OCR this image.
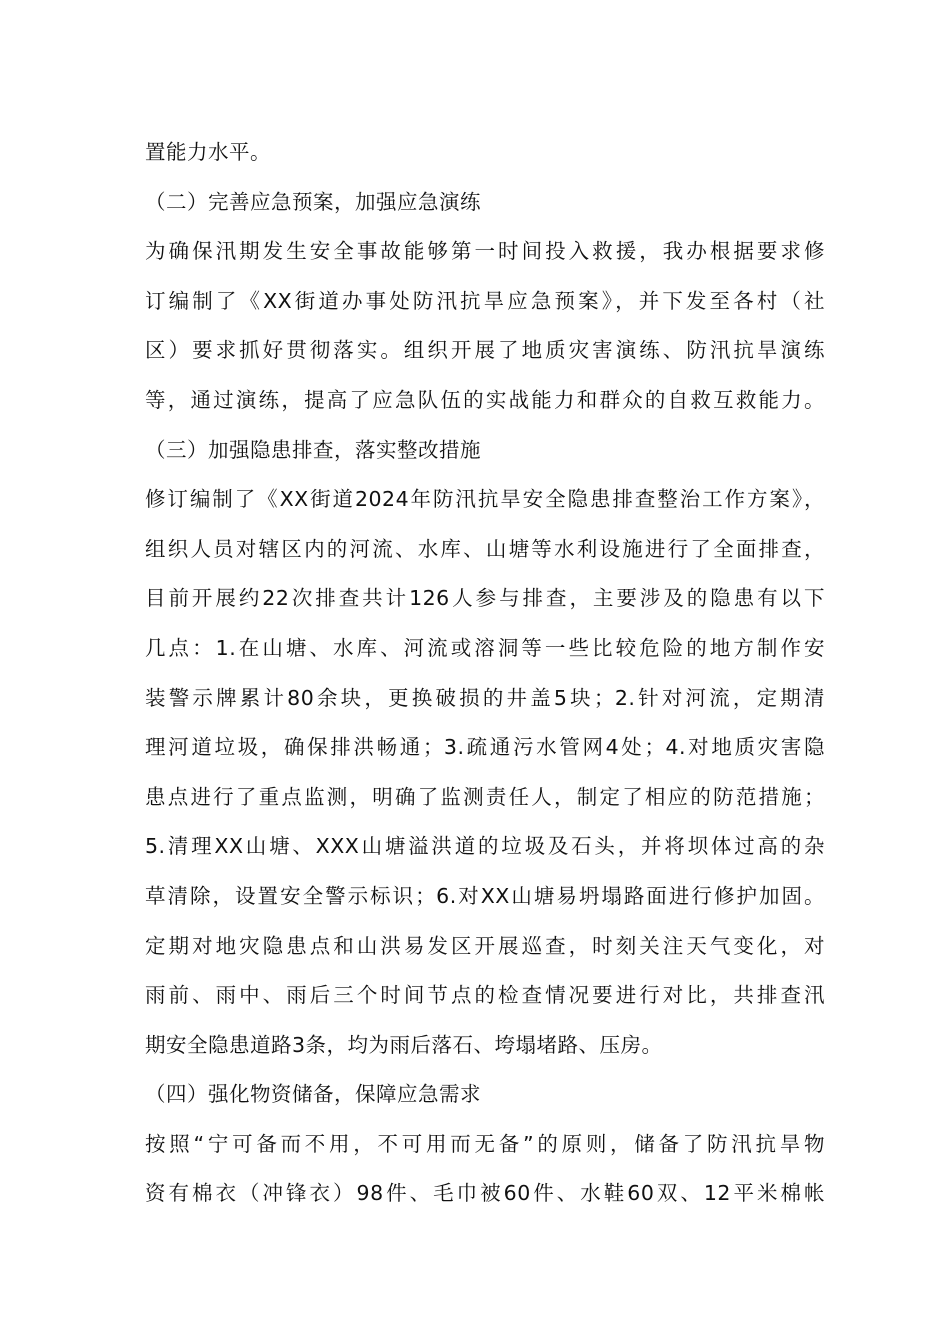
置能力水平。

（二）完善应急预案，加强应急演练

为确保汛期发生安全事故能够第一时间投入救援，我办根据要求修

订编制了《XX街道办事处防汛抗旱应急预案》，并下发至各村（社

区）要求抓好贯彻落实。组织开展了地质灾害演练、防汛抗旱演练

等，通过演练，提高了应急队伍的实战能力和群众的自救互救能力。

（三）加强隐患排查，落实整改措施

修订编制了《XX街道2024年防汛抗旱安全隐患排查整治工作方案》，

组织人员对辖区内的河流、水库、山塘等水利设施进行了全面排查，

目前开展约22次排查共计126人参与排查，主要涉及的隐患有以下

几点：1.在山塘、水库、河流或溶洞等一些比较危险的地方制作安

装警示牌累计80余块，更换破损的井盖5块；2.针对河流，定期清

理河道垃圾，确保排洪畅通；3.疏通污水管网4处；4.对地质灾害隐

患点进行了重点监测，明确了监测责任人，制定了相应的防范措施；

5.清理XX山塘、XXX山塘溢洪道的垃圾及石头，并将坝体过高的杂

草清除，设置安全警示标识；6.对XX山塘易坍塌路面进行修护加固。

定期对地灾隐患点和山洪易发区开展巡查，时刻关注天气变化，对

雨前、雨中、雨后三个时间节点的检查情况要进行对比，共排查汛

期安全隐患道路3条，均为雨后落石、垮塌堵路、压房。

（四）强化物资储备，保障应急需求

按照“宁可备而不用，不可用而无备”的原则，储备了防汛抗旱物

资有棉衣（冲锋衣）98件、毛巾被60件、水鞋60双、12平米棉帐
